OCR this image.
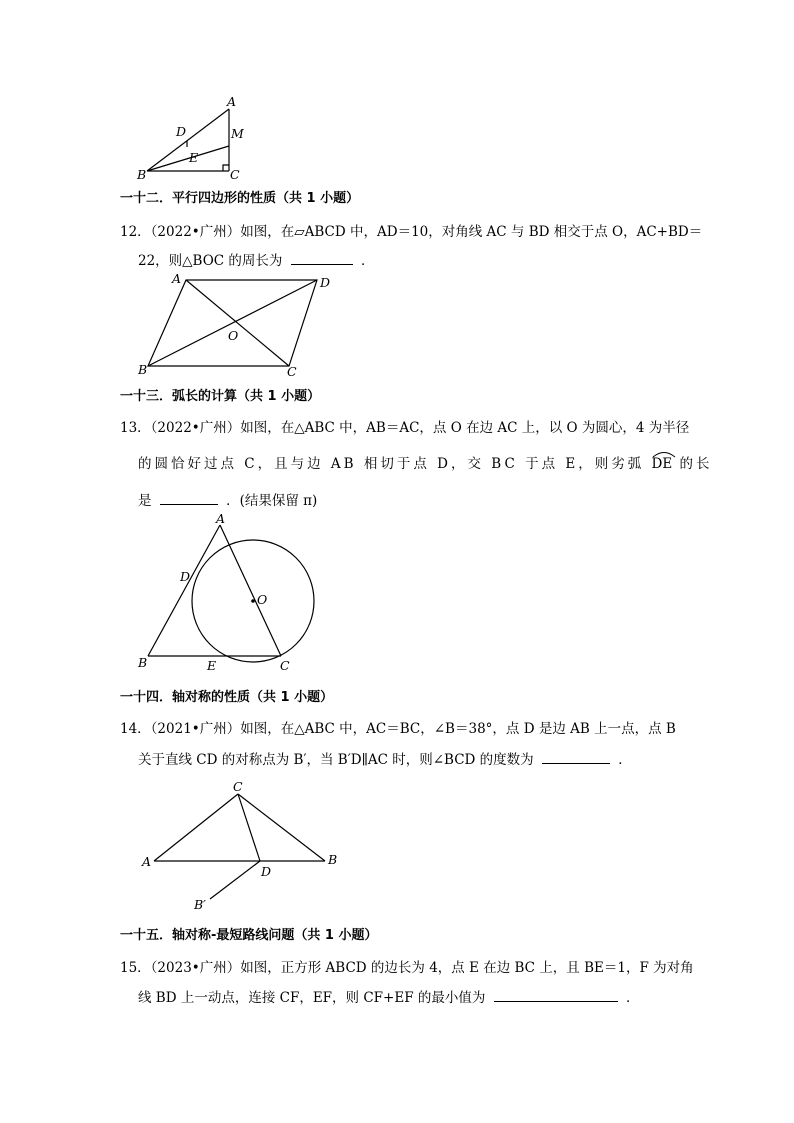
A
D	M
E
B	C
一十二．平行四边形的性质（共 1 小题）
12．（2022•广州）如图，在▱ABCD 中，AD＝10，对角线 AC 与 BD 相交于点 O，AC+BD＝
22，则△BOC 的周长为	．
A	D
O
B	C
一十三．弧长的计算（共 1 小题）
13．（2022•广州）如图，在△ABC 中，AB＝AC，点 O 在边 AC 上，以 O 为圆心，4 为半径
的圆恰好过点 C，且与边 AB 相切于点 D，交 BC 于点 E，则劣弧 DE 的长
是	．(结果保留 π)
A
D
O
B	E	C
一十四．轴对称的性质（共 1 小题）
14．（2021•广州）如图，在△ABC 中，AC＝BC，∠B＝38°，点 D 是边 AB 上一点，点 B
关于直线 CD 的对称点为 B′，当 B′D∥AC 时，则∠BCD 的度数为	．
C
A
D
B
B′
一十五．轴对称-最短路线问题（共 1 小题）
15．（2023•广州）如图，正方形 ABCD 的边长为 4，点 E 在边 BC 上，且 BE＝1，F 为对角
线 BD 上一动点，连接 CF，EF，则 CF+EF 的最小值为	．
